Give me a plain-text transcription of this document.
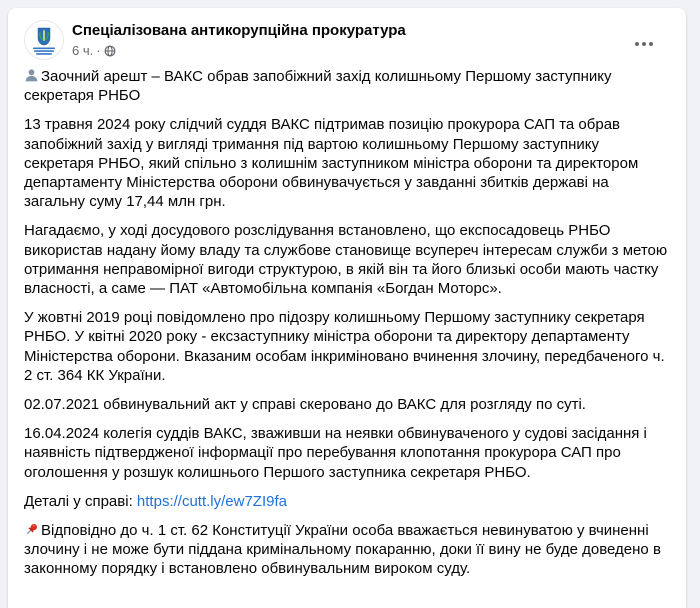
Спеціалізована антикорупційна прокуратура
6 ч. ·

Заочний арешт – ВАКС обрав запобіжний захід колишньому Першому заступнику секретаря РНБО

13 травня 2024 року слідчий суддя ВАКС підтримав позицію прокурора САП та обрав запобіжний захід у вигляді тримання під вартою колишньому Першому заступнику секретаря РНБО, який спільно з колишнім заступником міністра оборони та директором департаменту Міністерства оборони обвинувачується у завданні збитків державі на загальну суму 17,44 млн грн.

Нагадаємо, у ході досудового розслідування встановлено, що експосадовець РНБО використав надану йому владу та службове становище всупереч інтересам служби з метою отримання неправомірної вигоди структурою, в якій він та його близькі особи мають частку власності, а саме — ПАТ «Автомобільна компанія «Богдан Моторс».

У жовтні 2019 році повідомлено про підозру колишньому Першому заступнику секретаря РНБО. У квітні 2020 року - ексзаступнику міністра оборони та директору департаменту Міністерства оборони. Вказаним особам інкриміновано вчинення злочину, передбаченого ч. 2 ст. 364 КК України.

02.07.2021 обвинувальний акт у справі скеровано до ВАКС для розгляду по суті.

16.04.2024 колегія суддів ВАКС, зваживши на неявки обвинуваченого у судові засідання і наявність підтвердженої інформації про перебування клопотання прокурора САП про оголошення у розшук колишнього Першого заступника секретаря РНБО.

Деталі у справі: https://cutt.ly/ew7ZI9fa

Відповідно до ч. 1 ст. 62 Конституції України особа вважається невинуватою у вчиненні злочину і не може бути піддана кримінальному покаранню, доки її вину не буде доведено в законному порядку і встановлено обвинувальним вироком суду.
